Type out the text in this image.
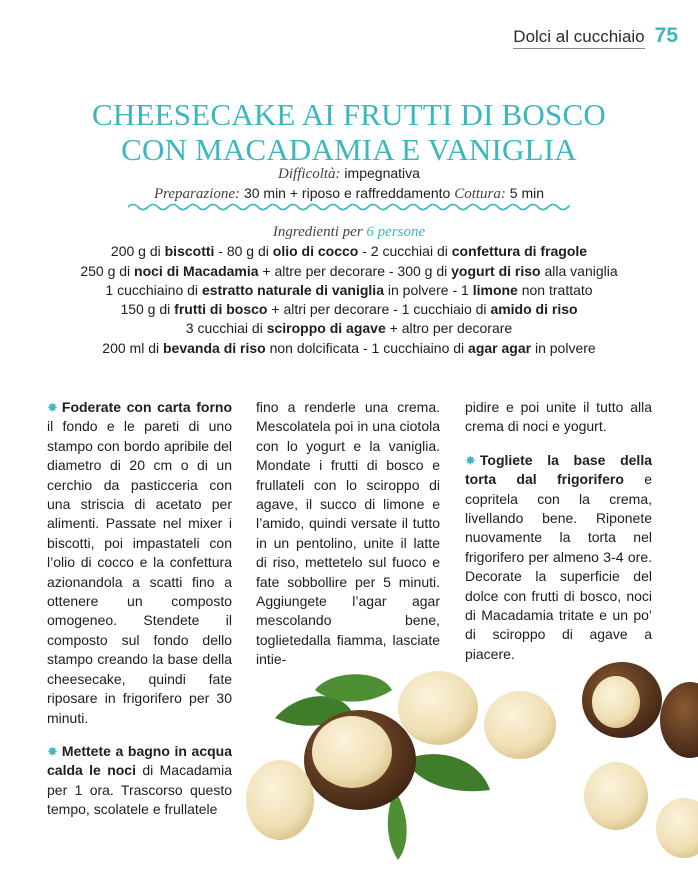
Dolci al cucchiaio 75
CHEESECAKE AI FRUTTI DI BOSCO
CON MACADAMIA E VANIGLIA
Difficoltà: impegnativa
Preparazione: 30 min + riposo e raffreddamento Cottura: 5 min
Ingredienti per 6 persone
200 g di biscotti - 80 g di olio di cocco - 2 cucchiai di confettura di fragole
250 g di noci di Macadamia + altre per decorare - 300 g di yogurt di riso alla vaniglia
1 cucchiaino di estratto naturale di vaniglia in polvere - 1 limone non trattato
150 g di frutti di bosco + altri per decorare - 1 cucchiaio di amido di riso
3 cucchiai di sciroppo di agave + altro per decorare
200 ml di bevanda di riso non dolcificata - 1 cucchiaino di agar agar in polvere

✸ Foderate con carta forno il fondo e le pareti di uno stampo con bordo apribile del diametro di 20 cm o di un cerchio da pasticceria con una striscia di acetato per alimenti. Passate nel mixer i biscotti, poi impastateli con l’olio di cocco e la confettura azionandola a scatti fino a ottenere un composto omogeneo. Stendete il composto sul fondo dello stampo creando la base della cheesecake, quindi fate riposare in frigorifero per 30 minuti.

✸ Mettete a bagno in acqua calda le noci di Macadamia per 1 ora. Trascorso questo tempo, scolatele e frullatele

fino a renderle una crema. Mescolatela poi in una ciotola con lo yogurt e la vaniglia. Mondate i frutti di bosco e frullateli con lo sciroppo di agave, il succo di limone e l’amido, quindi versate il tutto in un pentolino, unite il latte di riso, mettetelo sul fuoco e fate sobbollire per 5 minuti. Aggiungete l’agar agar mescolando bene, toglietedalla fiamma, lasciate intie-

pidire e poi unite il tutto alla crema di noci e yogurt.

✸ Togliete la base della torta dal frigorifero e copritela con la crema, livellando bene. Riponete nuovamente la torta nel frigorifero per almeno 3-4 ore. Decorate la superficie del dolce con frutti di bosco, noci di Macadamia tritate e un po’ di sciroppo di agave a piacere.
